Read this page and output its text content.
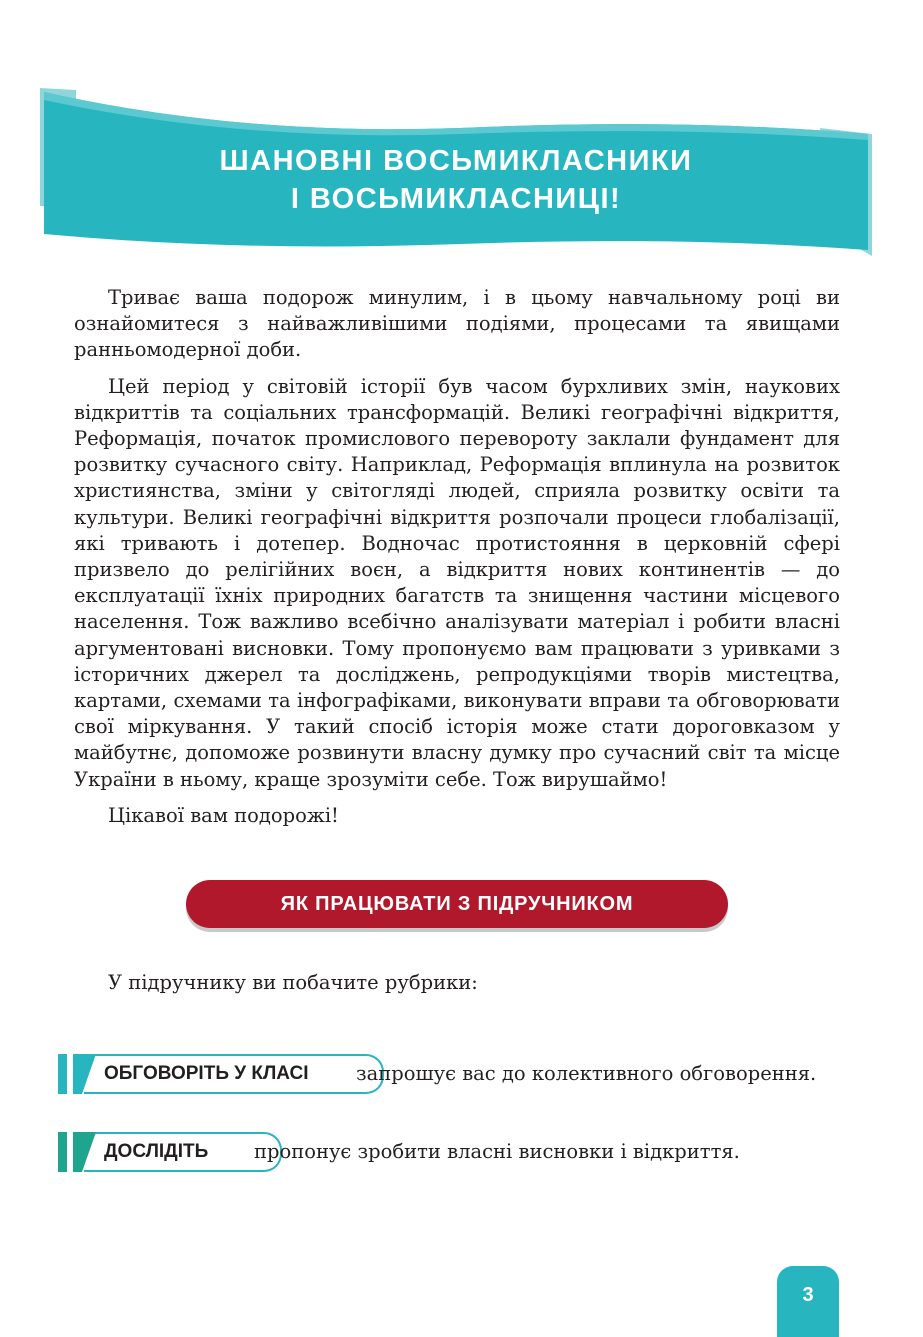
ШАНОВНІ ВОСЬМИКЛАСНИКИ
І ВОСЬМИКЛАСНИЦІ!

Триває ваша подорож минулим, і в цьому навчальному році ви ознайомитеся з найважливішими подіями, процесами та явищами ранньомодерної доби.

Цей період у світовій історії був часом бурхливих змін, наукових відкриттів та соціальних трансформацій. Великі географічні відкриття, Реформація, початок промислового перевороту заклали фундамент для розвитку сучасного світу. Наприклад, Реформація вплинула на розвиток християнства, зміни у світогляді людей, сприяла розвитку освіти та культури. Великі географічні відкриття розпочали процеси глобалізації, які тривають і дотепер. Водночас протистояння в церковній сфері призвело до релігійних воєн, а відкриття нових континентів — до експлуатації їхніх природних багатств та знищення частини місцевого населення. Тож важливо всебічно аналізувати матеріал і робити власні аргументовані висновки. Тому пропонуємо вам працювати з уривками з історичних джерел та досліджень, репродукціями творів мистецтва, картами, схемами та інфографіками, виконувати вправи та обговорювати свої міркування. У такий спосіб історія може стати дороговказом у майбутнє, допоможе розвинути власну думку про сучасний світ та місце України в ньому, краще зрозуміти себе. Тож вирушаймо!

Цікавої вам подорожі!

ЯК ПРАЦЮВАТИ З ПІДРУЧНИКОМ
У підручнику ви побачите рубрики:
ОБГОВОРІТЬ У КЛАСІ	запрошує вас до колективного обговорення.
ДОСЛІДІТЬ	пропонує зробити власні висновки і відкриття.
3
